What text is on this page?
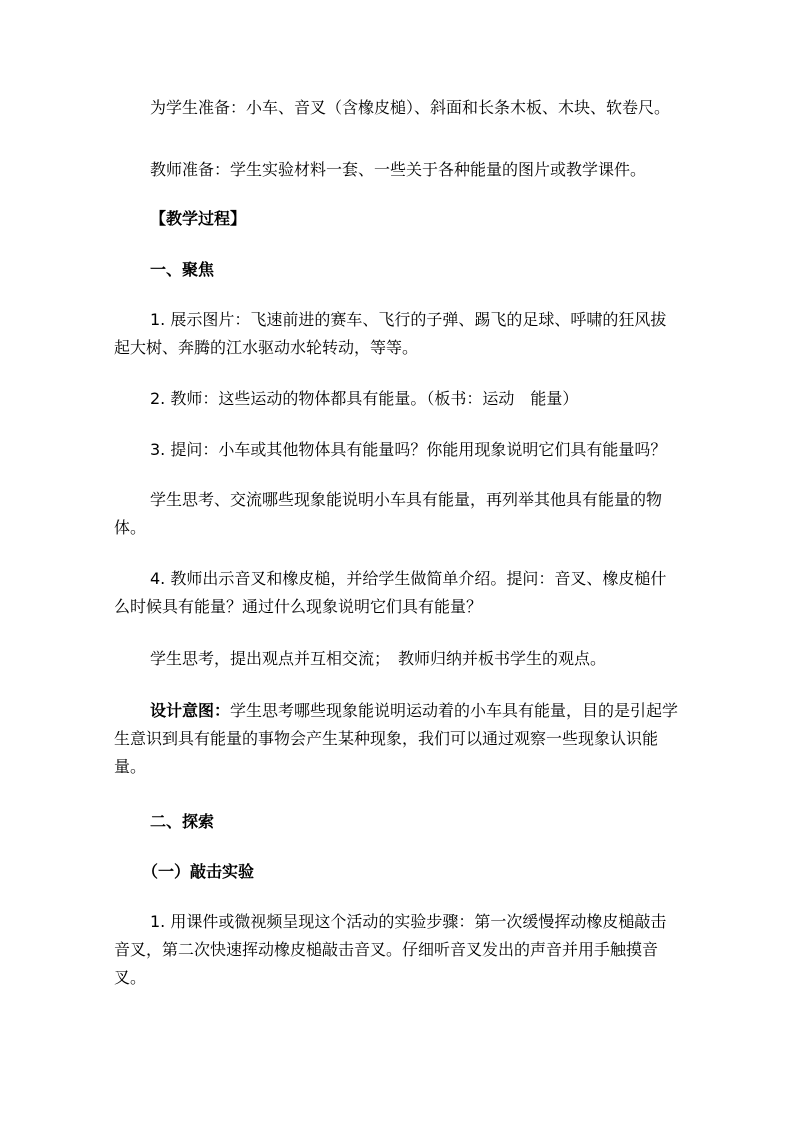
为学生准备：小车、音叉（含橡皮槌）、斜面和长条木板、木块、软卷尺。

教师准备：学生实验材料一套、一些关于各种能量的图片或教学课件。

【教学过程】

一、聚焦

1. 展示图片：飞速前进的赛车、飞行的子弹、踢飞的足球、呼啸的狂风拔起大树、奔腾的江水驱动水轮转动，等等。

2. 教师：这些运动的物体都具有能量。（板书：运动　能量）

3. 提问：小车或其他物体具有能量吗？你能用现象说明它们具有能量吗？

学生思考、交流哪些现象能说明小车具有能量，再列举其他具有能量的物体。

4. 教师出示音叉和橡皮槌，并给学生做简单介绍。提问：音叉、橡皮槌什么时候具有能量？通过什么现象说明它们具有能量？

学生思考，提出观点并互相交流；　教师归纳并板书学生的观点。

设计意图：学生思考哪些现象能说明运动着的小车具有能量，目的是引起学生意识到具有能量的事物会产生某种现象，我们可以通过观察一些现象认识能量。

二、探索

（一）敲击实验

1. 用课件或微视频呈现这个活动的实验步骤：第一次缓慢挥动橡皮槌敲击音叉，第二次快速挥动橡皮槌敲击音叉。仔细听音叉发出的声音并用手触摸音叉。
